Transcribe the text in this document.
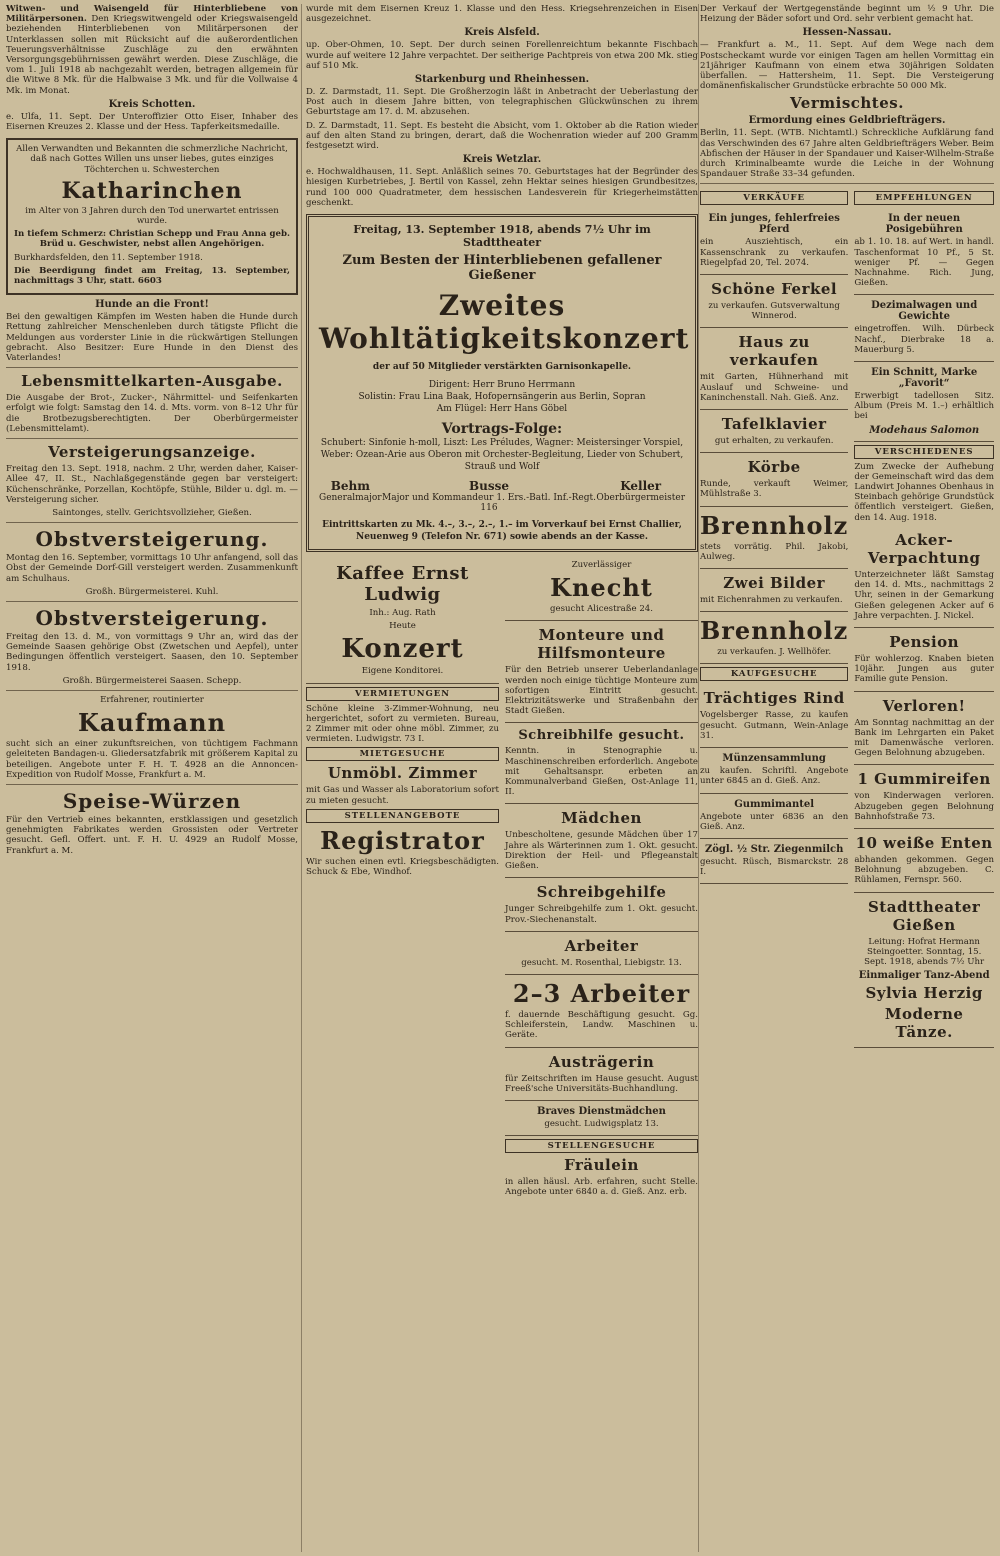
Witwen- und Waisengeld für Hinterbliebene von Militärpersonen. Den Kriegswitwengeld oder Kriegswaisengeld beziehenden Hinterbliebenen von Militärpersonen der Unterklassen sollen mit Rücksicht auf die außerordentlichen Teuerungsverhältnisse Zuschläge zu den erwähnten Versorgungsgebührnissen gewährt werden. Diese Zuschläge, die vom 1. Juli 1918 ab nachgezahlt werden, betragen allgemein für die Witwe 8 Mk. für die Halbwaise 3 Mk. und für die Vollwaise 4 Mk. im Monat.

Kreis Schotten.

e. Ulfa, 11. Sept. Der Unteroffizier Otto Eiser, Inhaber des Eisernen Kreuzes 2. Klasse und der Hess. Tapferkeitsmedaille.

Allen Verwandten und Bekannten die schmerzliche Nachricht, daß nach Gottes Willen uns unser liebes, gutes einziges Töchterchen u. Schwesterchen

Katharinchen

im Alter von 3 Jahren durch den Tod unerwartet entrissen wurde.

In tiefem Schmerz: Christian Schepp und Frau Anna geb. Brüd u. Geschwister, nebst allen Angehörigen.

Burkhardsfelden, den 11. September 1918.

Die Beerdigung findet am Freitag, 13. September, nachmittags 3 Uhr, statt. 6603

Hunde an die Front!

Bei den gewaltigen Kämpfen im Westen haben die Hunde durch Rettung zahlreicher Menschenleben durch tätigste Pflicht die Meldungen aus vorderster Linie in die rückwärtigen Stellungen gebracht. Also Besitzer: Eure Hunde in den Dienst des Vaterlandes!

Lebensmittelkarten-Ausgabe.

Die Ausgabe der Brot-, Zucker-, Nährmittel- und Seifenkarten erfolgt wie folgt: Samstag den 14. d. Mts. vorm. von 8–12 Uhr für die Brotbezugsberechtigten. Der Oberbürgermeister (Lebensmittelamt).

Versteigerungsanzeige.

Freitag den 13. Sept. 1918, nachm. 2 Uhr, werden daher, Kaiser-Allee 47, II. St., Nachlaßgegenstände gegen bar versteigert: Küchenschränke, Porzellan, Kochtöpfe, Stühle, Bilder u. dgl. m. — Versteigerung sicher.

Saintonges, stellv. Gerichtsvollzieher, Gießen.

Obstversteigerung.

Montag den 16. September, vormittags 10 Uhr anfangend, soll das Obst der Gemeinde Dorf-Gill versteigert werden. Zusammenkunft am Schulhaus.

Großh. Bürgermeisterei. Kuhl.

Obstversteigerung.

Freitag den 13. d. M., von vormittags 9 Uhr an, wird das der Gemeinde Saasen gehörige Obst (Zwetschen und Aepfel), unter Bedingungen öffentlich versteigert. Saasen, den 10. September 1918.

Großh. Bürgermeisterei Saasen. Schepp.

Erfahrener, routinierter

Kaufmann

sucht sich an einer zukunftsreichen, von tüchtigem Fachmann geleiteten Bandagen-u. Gliedersatzfabrik mit größerem Kapital zu beteiligen. Angebote unter F. H. T. 4928 an die Annoncen-Expedition von Rudolf Mosse, Frankfurt a. M.

Speise-Würzen

Für den Vertrieb eines bekannten, erstklassigen und gesetzlich genehmigten Fabrikates werden Grossisten oder Vertreter gesucht. Gefl. Offert. unt. F. H. U. 4929 an Rudolf Mosse, Frankfurt a. M.

wurde mit dem Eisernen Kreuz 1. Klasse und den Hess. Kriegsehrenzeichen in Eisen ausgezeichnet.

Kreis Alsfeld.

up. Ober-Ohmen, 10. Sept. Der durch seinen Forellenreichtum bekannte Fischbach wurde auf weitere 12 Jahre verpachtet. Der seitherige Pachtpreis von etwa 200 Mk. stieg auf 510 Mk.

Starkenburg und Rheinhessen.

D. Z. Darmstadt, 11. Sept. Die Großherzogin läßt in Anbetracht der Ueberlastung der Post auch in diesem Jahre bitten, von telegraphischen Glückwünschen zu ihrem Geburtstage am 17. d. M. abzusehen.

D. Z. Darmstadt, 11. Sept. Es besteht die Absicht, vom 1. Oktober ab die Ration wieder auf den alten Stand zu bringen, derart, daß die Wochenration wieder auf 200 Gramm festgesetzt wird.

Kreis Wetzlar.

e. Hochwaldhausen, 11. Sept. Anläßlich seines 70. Geburtstages hat der Begründer des hiesigen Kurbetriebes, J. Bertil von Kassel, zehn Hektar seines hiesigen Grundbesitzes, rund 100 000 Quadratmeter, dem hessischen Landesverein für Kriegerheimstätten geschenkt.

Freitag, 13. September 1918, abends 7½ Uhr im Stadttheater
Zum Besten der Hinterbliebenen gefallener Gießener
Zweites Wohltätigkeitskonzert
der auf 50 Mitglieder verstärkten Garnisonkapelle.
Dirigent: Herr Bruno Herrmann
Solistin: Frau Lina Baak, Hofopernsängerin aus Berlin, Sopran
Am Flügel: Herr Hans Göbel
Vortrags-Folge:
Schubert: Sinfonie h-moll, Liszt: Les Préludes, Wagner: Meistersinger Vorspiel, Weber: Ozean-Arie aus Oberon mit Orchester-Begleitung, Lieder von Schubert, Strauß und Wolf
Behm
Generalmajor
Busse
Major und Kommandeur 1. Ers.-Batl. Inf.-Regt. 116
Keller
Oberbürgermeister
Eintrittskarten zu Mk. 4.–, 3.–, 2.–, 1.– im Vorverkauf bei Ernst Challier, Neuenweg 9 (Telefon Nr. 671) sowie abends an der Kasse.
Kaffee Ernst Ludwig
Inh.: Aug. Rath
Heute
Konzert
Eigene Konditorei.
VERMIETUNGEN

Schöne kleine 3-Zimmer-Wohnung, neu hergerichtet, sofort zu vermieten. Bureau, 2 Zimmer mit oder ohne möbl. Zimmer, zu vermieten. Ludwigstr. 73 I.

MIETGESUCHE
Unmöbl. Zimmer

mit Gas und Wasser als Laboratorium sofort zu mieten gesucht.

STELLENANGEBOTE
Registrator

Wir suchen einen evtl. Kriegsbeschädigten. Schuck & Ebe, Windhof.

Zuverlässiger
Knecht
gesucht Alicestraße 24.
Monteure und Hilfsmonteure

Für den Betrieb unserer Ueberlandanlage werden noch einige tüchtige Monteure zum sofortigen Eintritt gesucht. Elektrizitätswerke und Straßenbahn der Stadt Gießen.

Schreibhilfe gesucht.

Kenntn. in Stenographie u. Maschinenschreiben erforderlich. Angebote mit Gehaltsanspr. erbeten an Kommunalverband Gießen, Ost-Anlage 11, II.

Mädchen

Unbescholtene, gesunde Mädchen über 17 Jahre als Wärterinnen zum 1. Okt. gesucht. Direktion der Heil- und Pflegeanstalt Gießen.

Schreibgehilfe

Junger Schreibgehilfe zum 1. Okt. gesucht. Prov.-Siechenanstalt.

Arbeiter

gesucht. M. Rosenthal, Liebigstr. 13.

2–3 Arbeiter

f. dauernde Beschäftigung gesucht. Gg. Schleiferstein, Landw. Maschinen u. Geräte.

Austrägerin

für Zeitschriften im Hause gesucht. August Freeß'sche Universitäts-Buchhandlung.

Braves Dienstmädchen

gesucht. Ludwigsplatz 13.

STELLENGESUCHE
Fräulein

in allen häusl. Arb. erfahren, sucht Stelle. Angebote unter 6840 a. d. Gieß. Anz. erb.

Der Verkauf der Wertgegenstände beginnt um ½ 9 Uhr. Die Heizung der Bäder sofort und Ord. sehr verbient gemacht hat.

Hessen-Nassau.

— Frankfurt a. M., 11. Sept. Auf dem Wege nach dem Postscheckamt wurde vor einigen Tagen am hellen Vormittag ein 21jähriger Kaufmann von einem etwa 30jährigen Soldaten überfallen. — Hattersheim, 11. Sept. Die Versteigerung domänenfiskalischer Grundstücke erbrachte 50 000 Mk.

Vermischtes.
Ermordung eines Geldbriefträgers.

Berlin, 11. Sept. (WTB. Nichtamtl.) Schreckliche Aufklärung fand das Verschwinden des 67 Jahre alten Geldbriefträgers Weber. Beim Abfischen der Häuser in der Spandauer und Kaiser-Wilhelm-Straße durch Kriminalbeamte wurde die Leiche in der Wohnung Spandauer Straße 33–34 gefunden.

VERKÄUFE
Ein junges, fehlerfreies Pferd

ein Ausziehtisch, ein Kassenschrank zu verkaufen. Riegelpfad 20, Tel. 2074.

Schöne Ferkel

zu verkaufen. Gutsverwaltung Winnerod.

Haus zu verkaufen

mit Garten, Hühnerhand mit Auslauf und Schweine- und Kaninchenstall. Nah. Gieß. Anz.

Tafelklavier

gut erhalten, zu verkaufen.

Körbe

Runde, verkauft Weimer, Mühlstraße 3.

Brennholz

stets vorrätig. Phil. Jakobi, Aulweg.

Zwei Bilder

mit Eichenrahmen zu verkaufen.

Brennholz

zu verkaufen. J. Wellhöfer.

KAUFGESUCHE
Trächtiges Rind

Vogelsberger Rasse, zu kaufen gesucht. Gutmann, Wein-Anlage 31.

Münzensammlung

zu kaufen. Schriftl. Angebote unter 6845 an d. Gieß. Anz.

Gummimantel

Angebote unter 6836 an den Gieß. Anz.

Zögl. ½ Str. Ziegenmilch

gesucht. Rüsch, Bismarckstr. 28 I.

EMPFEHLUNGEN
In der neuen Posigebühren

ab 1. 10. 18. auf Wert. in handl. Taschenformat 10 Pf., 5 St. weniger Pf. — Gegen Nachnahme. Rich. Jung, Gießen.

Dezimalwagen und Gewichte

eingetroffen. Wilh. Dürbeck Nachf., Dierbrake 18 a. Mauerburg 5.

Ein Schnitt, Marke „Favorit“

Erwerbigt tadellosen Sitz. Album (Preis M. 1.–) erhältlich bei

Modehaus Salomon
VERSCHIEDENES

Zum Zwecke der Aufhebung der Gemeinschaft wird das dem Landwirt Johannes Obenhaus in Steinbach gehörige Grundstück öffentlich versteigert. Gießen, den 14. Aug. 1918.

Acker-Verpachtung

Unterzeichneter läßt Samstag den 14. d. Mts., nachmittags 2 Uhr, seinen in der Gemarkung Gießen gelegenen Acker auf 6 Jahre verpachten. J. Nickel.

Pension

Für wohlerzog. Knaben bieten 10jähr. Jungen aus guter Familie gute Pension.

Verloren!

Am Sonntag nachmittag an der Bank im Lehrgarten ein Paket mit Damenwäsche verloren. Gegen Belohnung abzugeben.

1 Gummireifen

von Kinderwagen verloren. Abzugeben gegen Belohnung Bahnhofstraße 73.

10 weiße Enten

abhanden gekommen. Gegen Belohnung abzugeben. C. Rühlamen, Fernspr. 560.

Stadttheater Gießen

Leitung: Hofrat Hermann Steingoetter. Sonntag, 15. Sept. 1918, abends 7½ Uhr

Einmaliger Tanz-Abend
Sylvia Herzig
Moderne Tänze.
